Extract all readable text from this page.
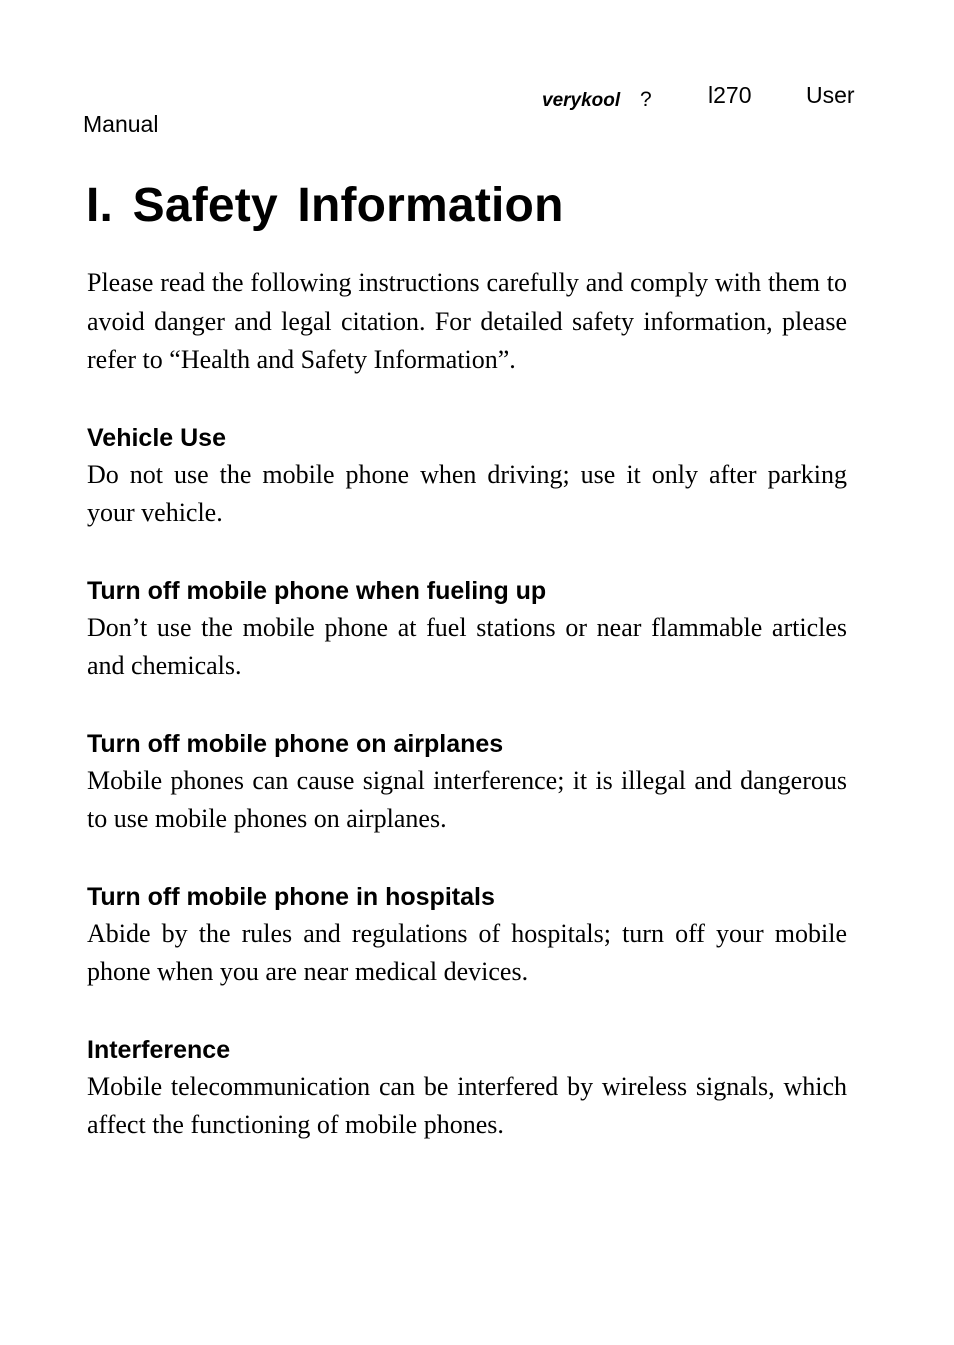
verykool ? l270 User
Manual
I. Safety Information

Please read the following instructions carefully and comply with them to avoid danger and legal citation. For detailed safety information, please refer to “Health and Safety Information”.

Vehicle Use

Do not use the mobile phone when driving; use it only after parking your vehicle.

Turn off mobile phone when fueling up

Don’t use the mobile phone at fuel stations or near flammable articles and chemicals.

Turn off mobile phone on airplanes

Mobile phones can cause signal interference; it is illegal and dangerous to use mobile phones on airplanes.

Turn off mobile phone in hospitals

Abide by the rules and regulations of hospitals; turn off your mobile phone when you are near medical devices.

Interference

Mobile telecommunication can be interfered by wireless signals, which affect the functioning of mobile phones.
